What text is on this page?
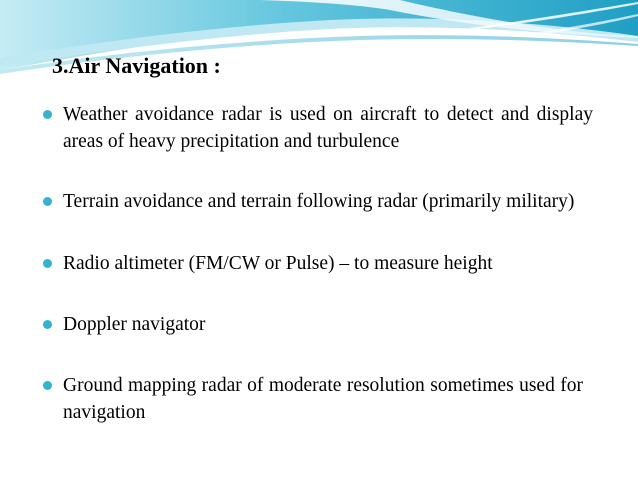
3.Air Navigation :
Weather avoidance radar is used on aircraft to detect and display areas of heavy precipitation and turbulence
Terrain avoidance and terrain following radar (primarily military)
Radio altimeter (FM/CW or Pulse) – to measure height
Doppler navigator
Ground mapping radar of moderate resolution sometimes used for navigation
